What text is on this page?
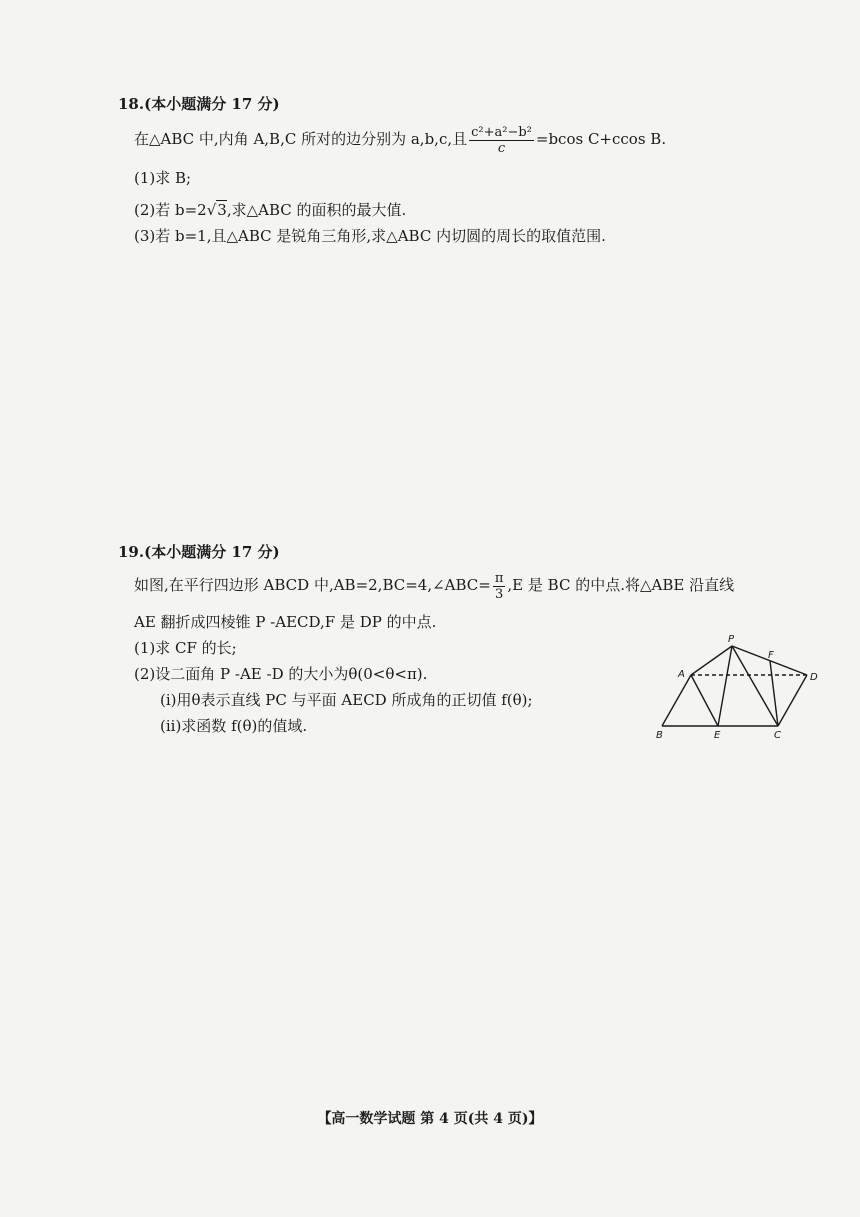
18.(本小题满分 17 分)
在△ABC 中,内角 A,B,C 所对的边分别为 a,b,c,且 $\frac{\text{c²+a²−b²}}{c} =bcos$ C+ccos B.
(1)求 B;
(2)若 b=2√3,求△ABC 的面积的最大值.
(3)若 b=1,且△ABC 是锐角三角形,求△ABC 内切圆的周长的取值范围.
19.(本小题满分 17 分)
如图,在平行四边形 ABCD 中,AB=2,BC=4,∠ABC= $\frac{\pi}{3} ,E$ 是 BC 的中点.将△ABE 沿直线
AE 翻折成四棱锥 P -AECD,F 是 DP 的中点.
(1)求 CF 的长;
(2)设二面角 P -AE -D 的大小为θ(0<θ<π).
(i)用θ表示直线 PC 与平面 AECD 所成角的正切值 f(θ);
(ii)求函数 f(θ)的值域.
P
A	D
F
B	E	C
【高一数学试题 第 4 页(共 4 页)】
